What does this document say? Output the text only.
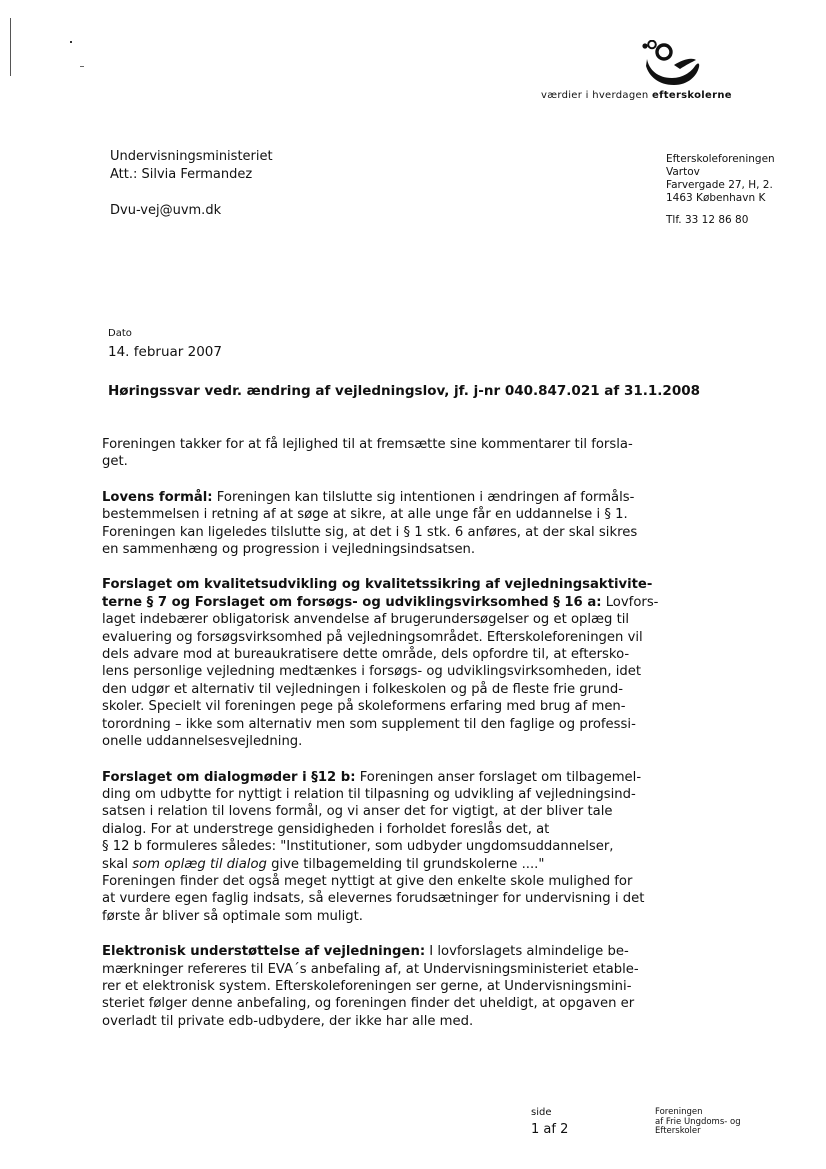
værdier i hverdagen efterskolerne
Undervisningsministeriet
Att.: Silvia Fermandez
Dvu-vej@uvm.dk
Efterskoleforeningen
Vartov
Farvergade 27, H, 2.
1463 København K
Tlf. 33 12 86 80
Dato
14. februar 2007
Høringssvar vedr. ændring af vejledningslov, jf. j-nr 040.847.021 af 31.1.2008

Foreningen takker for at få lejlighed til at fremsætte sine kommentarer til forsla-
get.

Lovens formål: Foreningen kan tilslutte sig intentionen i ændringen af formåls-
bestemmelsen i retning af at søge at sikre, at alle unge får en uddannelse i § 1.
Foreningen kan ligeledes tilslutte sig, at det i § 1 stk. 6 anføres, at der skal sikres
en sammenhæng og progression i vejledningsindsatsen.

Forslaget om kvalitetsudvikling og kvalitetssikring af vejledningsaktivite-
terne § 7 og Forslaget om forsøgs- og udviklingsvirksomhed § 16 a: Lovfors-
laget indebærer obligatorisk anvendelse af brugerundersøgelser og et oplæg til
evaluering og forsøgsvirksomhed på vejledningsområdet. Efterskoleforeningen vil
dels advare mod at bureaukratisere dette område, dels opfordre til, at eftersko-
lens personlige vejledning medtænkes i forsøgs- og udviklingsvirksomheden, idet
den udgør et alternativ til vejledningen i folkeskolen og på de fleste frie grund-
skoler. Specielt vil foreningen pege på skoleformens erfaring med brug af men-
torordning – ikke som alternativ men som supplement til den faglige og professi-
onelle uddannelsesvejledning.

Forslaget om dialogmøder i §12 b: Foreningen anser forslaget om tilbagemel-
ding om udbytte for nyttigt i relation til tilpasning og udvikling af vejledningsind-
satsen i relation til lovens formål, og vi anser det for vigtigt, at der bliver tale
dialog. For at understrege gensidigheden i forholdet foreslås det, at
§ 12 b formuleres således: "Institutioner, som udbyder ungdomsuddannelser,
skal som oplæg til dialog give tilbagemelding til grundskolerne ...."
Foreningen finder det også meget nyttigt at give den enkelte skole mulighed for
at vurdere egen faglig indsats, så elevernes forudsætninger for undervisning i det
første år bliver så optimale som muligt.

Elektronisk understøttelse af vejledningen: I lovforslagets almindelige be-
mærkninger refereres til EVA´s anbefaling af, at Undervisningsministeriet etable-
rer et elektronisk system. Efterskoleforeningen ser gerne, at Undervisningsmini-
steriet følger denne anbefaling, og foreningen finder det uheldigt, at opgaven er
overladt til private edb-udbydere, der ikke har alle med.

side
1 af 2
Foreningen
af Frie Ungdoms- og
Efterskoler
